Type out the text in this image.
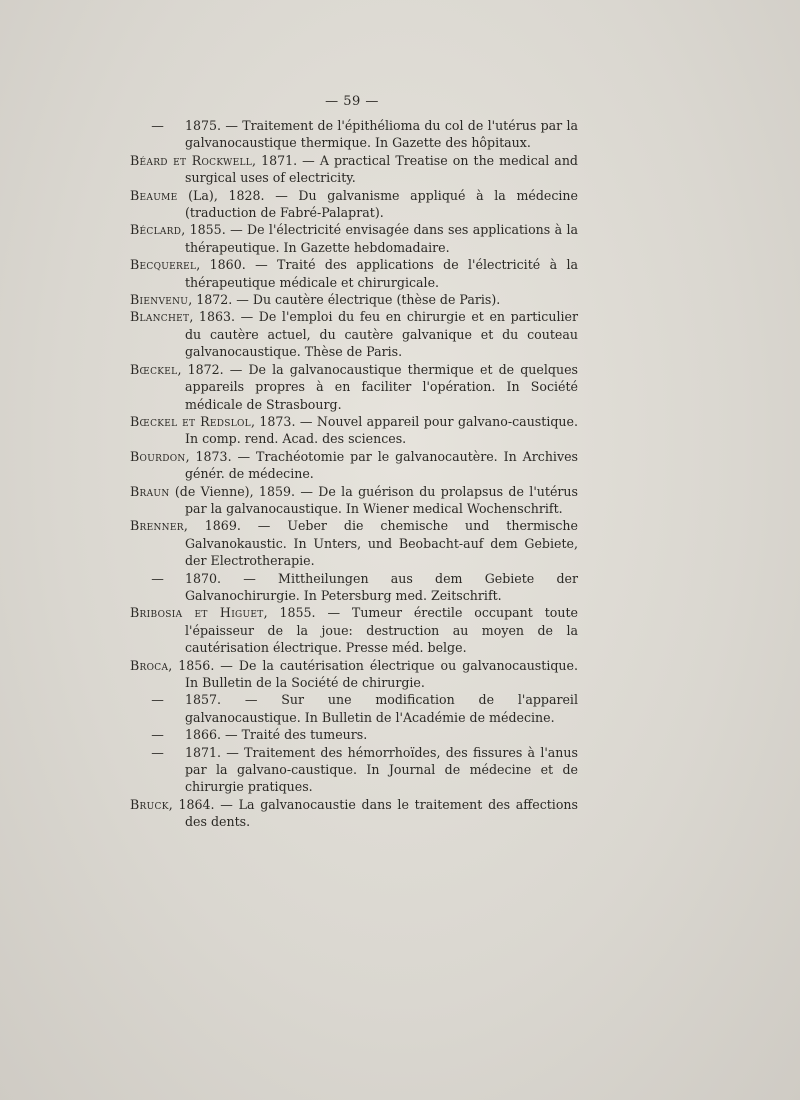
— 59 —

— 1875. — Traitement de l'épithélioma du col de l'utérus par la galvanocaustique thermique. In Gazette des hôpitaux.

Béard et Rockwell, 1871. — A practical Treatise on the medical and surgical uses of electricity.

Beaume (La), 1828. — Du galvanisme appliqué à la médecine (traduction de Fabré-Palaprat).

Béclard, 1855. — De l'électricité envisagée dans ses applications à la thérapeutique. In Gazette hebdomadaire.

Becquerel, 1860. — Traité des applications de l'électricité à la thérapeutique médicale et chirurgicale.

Bienvenu, 1872. — Du cautère électrique (thèse de Paris).

Blanchet, 1863. — De l'emploi du feu en chirurgie et en particulier du cautère actuel, du cautère galvanique et du couteau galvanocaustique. Thèse de Paris.

Bœckel, 1872. — De la galvanocaustique thermique et de quelques appareils propres à en faciliter l'opération. In Société médicale de Strasbourg.

Bœckel et Redslol, 1873. — Nouvel appareil pour galvano-caustique. In comp. rend. Acad. des sciences.

Bourdon, 1873. — Trachéotomie par le galvanocautère. In Archives génér. de médecine.

Braun (de Vienne), 1859. — De la guérison du prolapsus de l'utérus par la galvanocaustique. In Wiener medical Wochenschrift.

Brenner, 1869. — Ueber die chemische und thermische Galvanokaustic. In Unters, und Beobacht-auf dem Gebiete, der Electrotherapie.

— 1870. — Mittheilungen aus dem Gebiete der Galvanochirurgie. In Petersburg med. Zeitschrift.

Bribosia et Higuet, 1855. — Tumeur érectile occupant toute l'épaisseur de la joue: destruction au moyen de la cautérisation électrique. Presse méd. belge.

Broca, 1856. — De la cautérisation électrique ou galvanocaustique. In Bulletin de la Société de chirurgie.

— 1857. — Sur une modification de l'appareil galvanocaustique. In Bulletin de l'Académie de médecine.

— 1866. — Traité des tumeurs.

— 1871. — Traitement des hémorrhoïdes, des fissures à l'anus par la galvano-caustique. In Journal de médecine et de chirurgie pratiques.

Bruck, 1864. — La galvanocaustie dans le traitement des affections des dents.
